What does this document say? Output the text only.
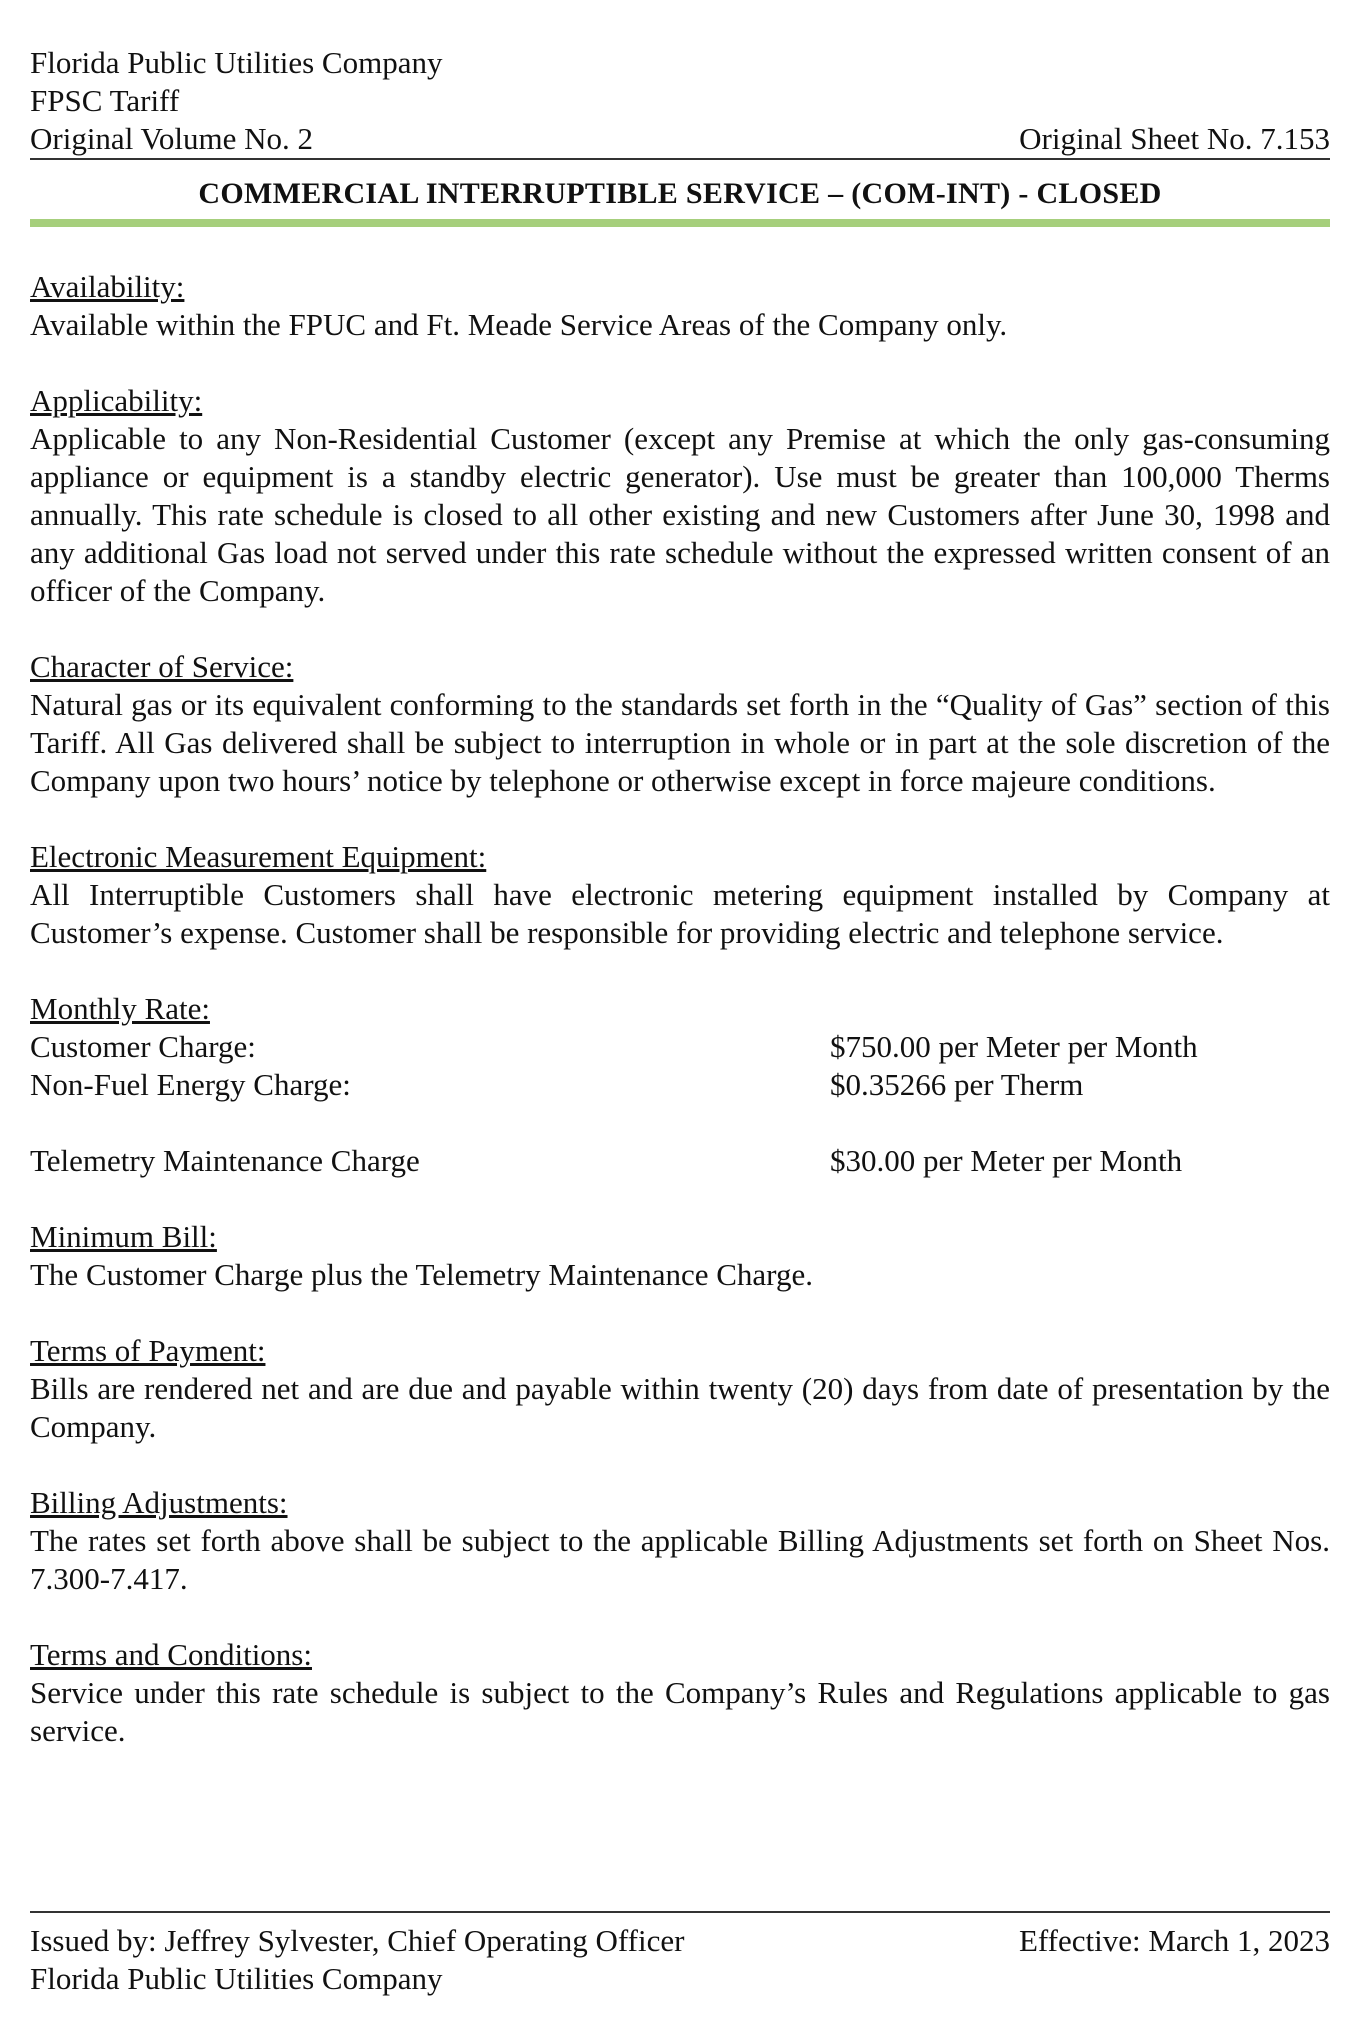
Florida Public Utilities Company
FPSC Tariff
Original Volume No. 2	Original Sheet No. 7.153
COMMERCIAL INTERRUPTIBLE SERVICE – (COM-INT) - CLOSED
Availability:
Available within the FPUC and Ft. Meade Service Areas of the Company only.
Applicability:
Applicable to any Non-Residential Customer (except any Premise at which the only gas-consuming appliance or equipment is a standby electric generator). Use must be greater than 100,000 Therms annually. This rate schedule is closed to all other existing and new Customers after June 30, 1998 and any additional Gas load not served under this rate schedule without the expressed written consent of an officer of the Company.
Character of Service:
Natural gas or its equivalent conforming to the standards set forth in the “Quality of Gas” section of this Tariff. All Gas delivered shall be subject to interruption in whole or in part at the sole discretion of the Company upon two hours’ notice by telephone or otherwise except in force majeure conditions.
Electronic Measurement Equipment:
All Interruptible Customers shall have electronic metering equipment installed by Company at Customer’s expense. Customer shall be responsible for providing electric and telephone service.
Monthly Rate:
Customer Charge:	$750.00 per Meter per Month
Non-Fuel Energy Charge:	$0.35266 per Therm
Telemetry Maintenance Charge	$30.00 per Meter per Month
Minimum Bill:
The Customer Charge plus the Telemetry Maintenance Charge.
Terms of Payment:
Bills are rendered net and are due and payable within twenty (20) days from date of presentation by the Company.
Billing Adjustments:
The rates set forth above shall be subject to the applicable Billing Adjustments set forth on Sheet Nos. 7.300-7.417.
Terms and Conditions:
Service under this rate schedule is subject to the Company’s Rules and Regulations applicable to gas service.
Issued by: Jeffrey Sylvester, Chief Operating Officer	Effective: March 1, 2023
Florida Public Utilities Company
